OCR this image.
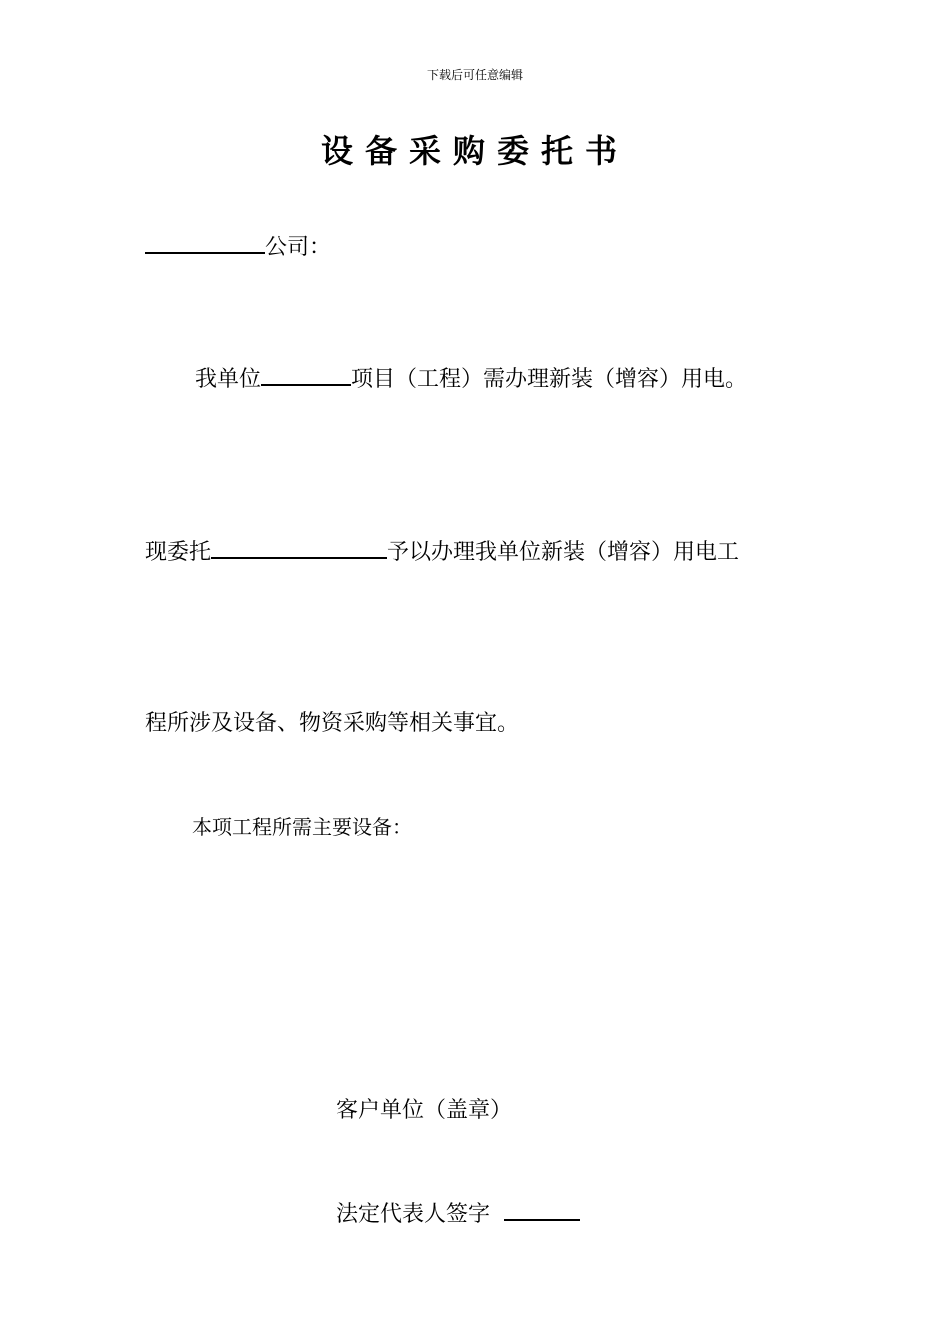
下载后可任意编辑
设备采购委托书
公司：
我单位	项目（工程）需办理新装（增容）用电。
现委托	予以办理我单位新装（增容）用电工
程所涉及设备、物资采购等相关事宜。
本项工程所需主要设备：
客户单位（盖章）
法定代表人签字
